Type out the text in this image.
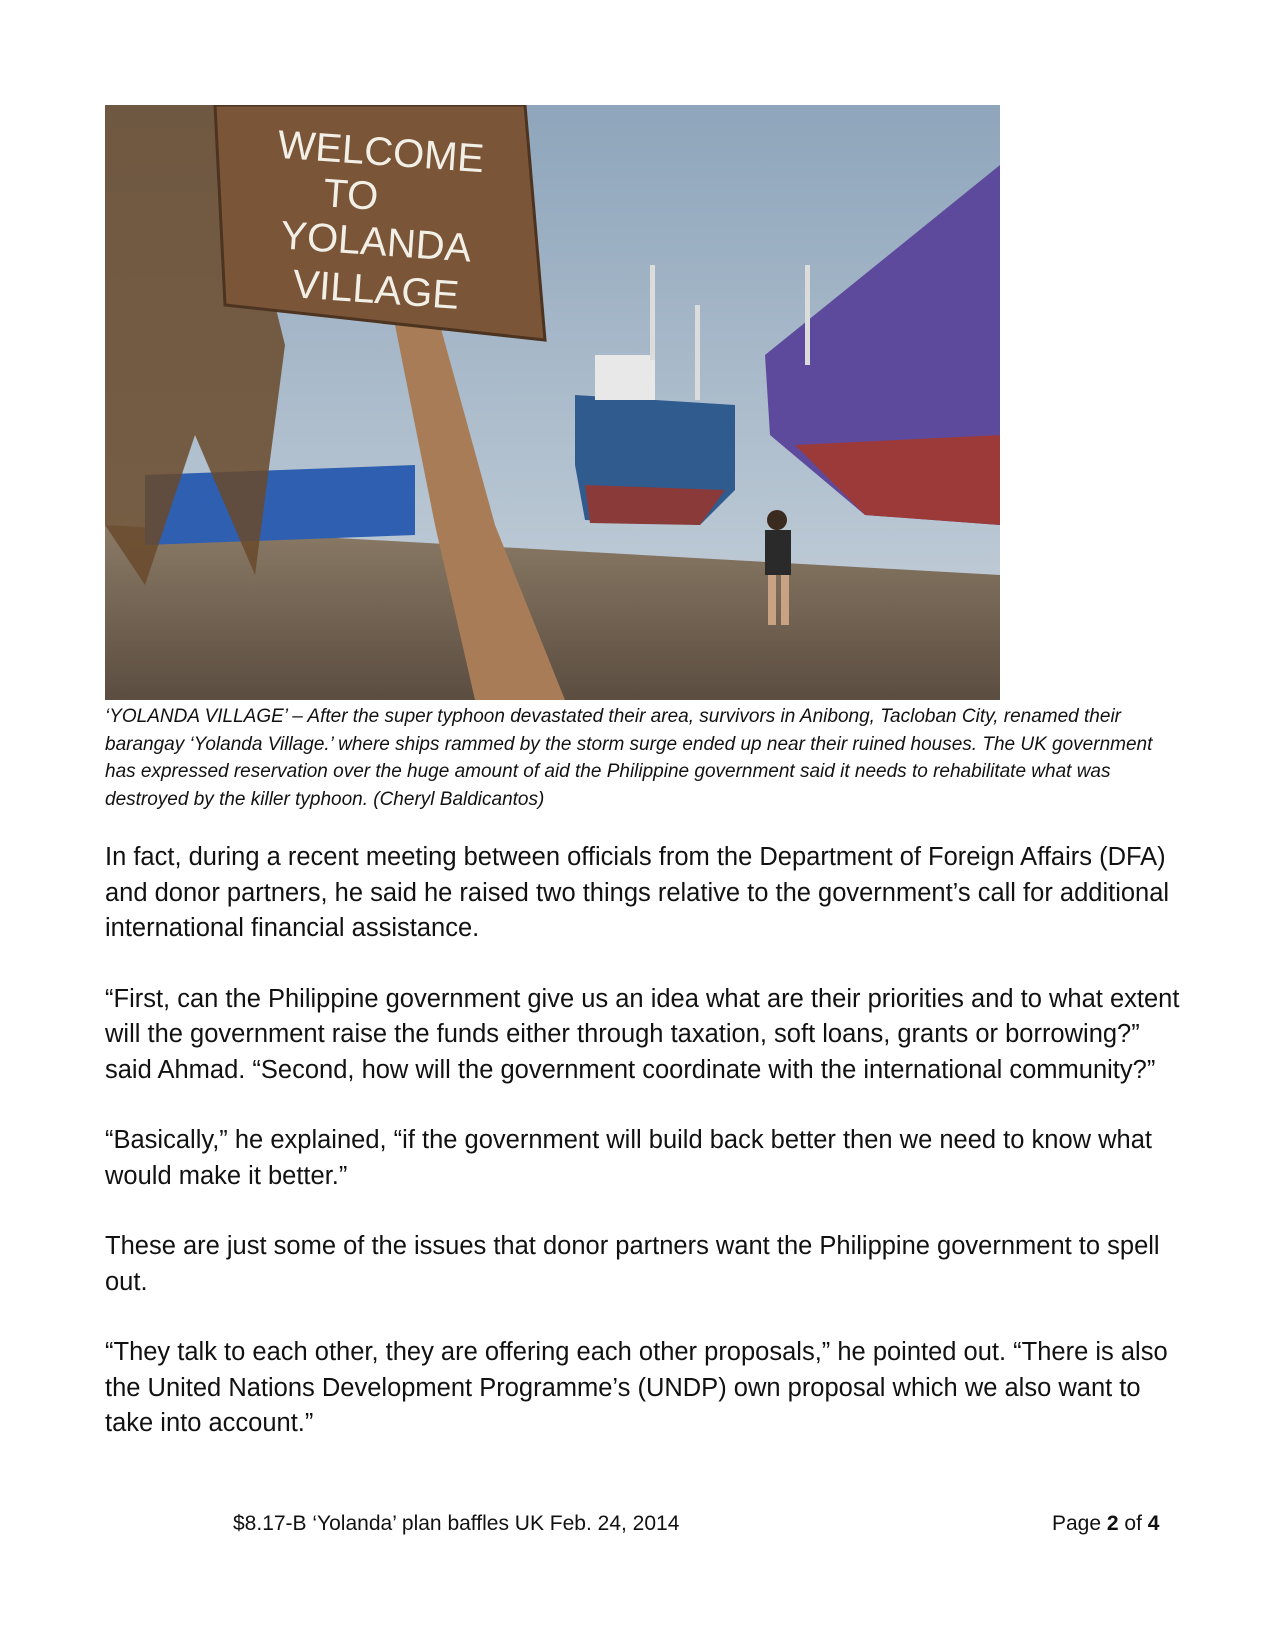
WELCOME
TO
YOLANDA
VILLAGE
‘YOLANDA VILLAGE’ – After the super typhoon devastated their area, survivors in Anibong, Tacloban City, renamed their barangay ‘Yolanda Village.’ where ships rammed by the storm surge ended up near their ruined houses. The UK government has expressed reservation over the huge amount of aid the Philippine government said it needs to rehabilitate what was destroyed by the killer typhoon. (Cheryl Baldicantos)

In fact, during a recent meeting between officials from the Department of Foreign Affairs (DFA) and donor partners, he said he raised two things relative to the government’s call for additional international financial assistance.

“First, can the Philippine government give us an idea what are their priorities and to what extent will the government raise the funds either through taxation, soft loans, grants or borrowing?” said Ahmad. “Second, how will the government coordinate with the international community?”

“Basically,” he explained, “if the government will build back better then we need to know what would make it better.”

These are just some of the issues that donor partners want the Philippine government to spell out.

“They talk to each other, they are offering each other proposals,” he pointed out. “There is also the United Nations Development Programme’s (UNDP) own proposal which we also want to take into account.”

$8.17-B ‘Yolanda’ plan baffles UK Feb. 24, 2014	Page 2 of 4
